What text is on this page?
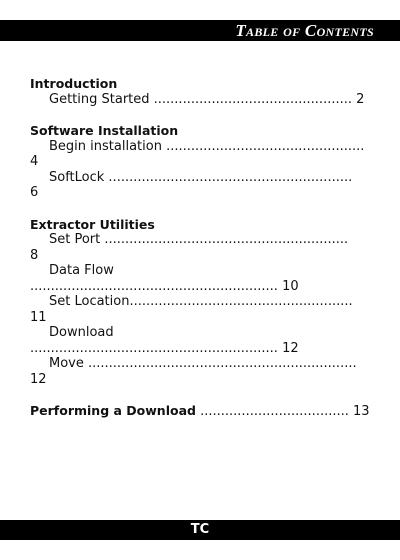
Table of Contents
Introduction
Getting Started ................................................ 2
Software Installation
Begin installation ................................................
4
SoftLock ...........................................................
6
Extractor Utilities
Set Port ...........................................................
8
Data Flow
............................................................ 10
Set Location......................................................
11
Download
............................................................ 12
Move .................................................................
12
Performing a Download .................................... 13
TC
